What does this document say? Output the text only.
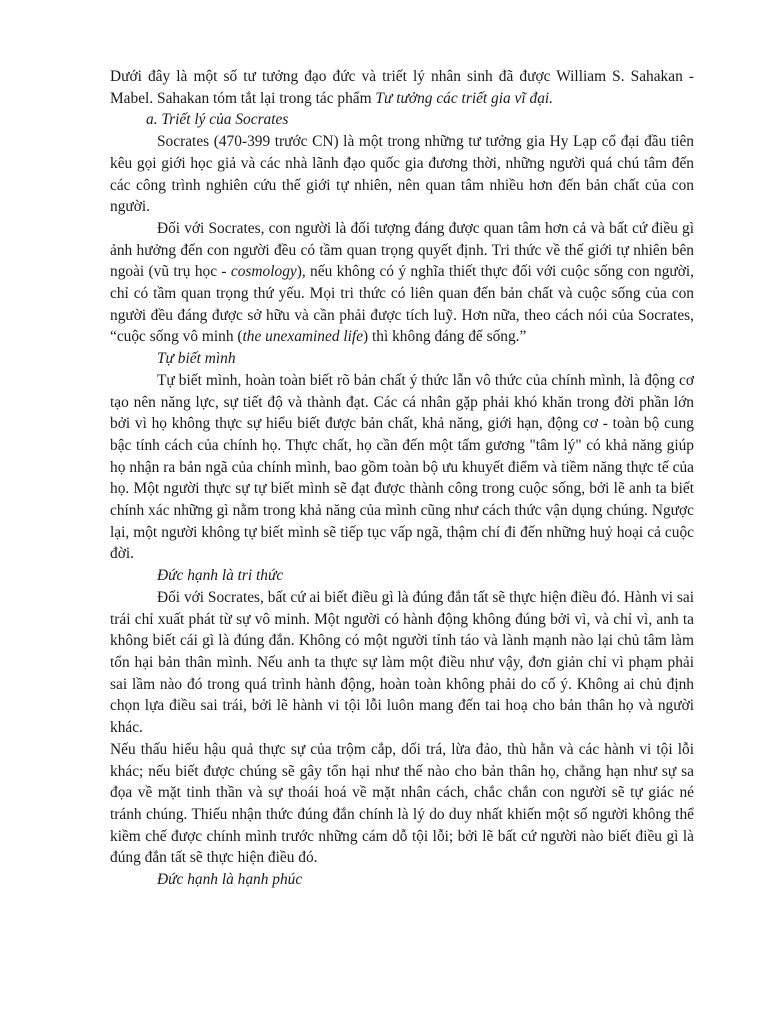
Dưới đây là một số tư tưởng đạo đức và triết lý nhân sinh đã được William S. Sahakan - Mabel. Sahakan tóm tắt lại trong tác phẩm Tư tưởng các triết gia vĩ đại.

a. Triết lý của Socrates

Socrates (470-399 trước CN) là một trong những tư tưởng gia Hy Lạp cổ đại đầu tiên kêu gọi giới học giả và các nhà lãnh đạo quốc gia đương thời, những người quá chú tâm đến các công trình nghiên cứu thế giới tự nhiên, nên quan tâm nhiều hơn đến bản chất của con người.

Đối với Socrates, con người là đối tượng đáng được quan tâm hơn cả và bất cứ điều gì ảnh hưởng đến con người đều có tầm quan trọng quyết định. Tri thức về thế giới tự nhiên bên ngoài (vũ trụ học - cosmology), nếu không có ý nghĩa thiết thực đối với cuộc sống con người, chỉ có tầm quan trọng thứ yếu. Mọi tri thức có liên quan đến bản chất và cuộc sống của con người đều đáng được sở hữu và cần phải được tích luỹ. Hơn nữa, theo cách nói của Socrates, “cuộc sống vô minh (the unexamined life) thì không đáng để sống.”

Tự biết mình

Tự biết mình, hoàn toàn biết rõ bản chất ý thức lẫn vô thức của chính mình, là động cơ tạo nên năng lực, sự tiết độ và thành đạt. Các cá nhân gặp phải khó khăn trong đời phần lớn bởi vì họ không thực sự hiểu biết được bản chất, khả năng, giới hạn, động cơ - toàn bộ cung bậc tính cách của chính họ. Thực chất, họ cần đến một tấm gương "tâm lý" có khả năng giúp họ nhận ra bản ngã của chính mình, bao gồm toàn bộ ưu khuyết điểm và tiềm năng thực tế của họ. Một người thực sự tự biết mình sẽ đạt được thành công trong cuộc sống, bởi lẽ anh ta biết chính xác những gì nằm trong khả năng của mình cũng như cách thức vận dụng chúng. Ngược lại, một người không tự biết mình sẽ tiếp tục vấp ngã, thậm chí đi đến những huỷ hoại cả cuộc đời.

Đức hạnh là tri thức

Đối với Socrates, bất cứ ai biết điều gì là đúng đắn tất sẽ thực hiện điều đó. Hành vi sai trái chỉ xuất phát từ sự vô minh. Một người có hành động không đúng bởi vì, và chỉ vì, anh ta không biết cái gì là đúng đắn. Không có một người tỉnh táo và lành mạnh nào lại chủ tâm làm tổn hại bản thân mình. Nếu anh ta thực sự làm một điều như vậy, đơn giản chỉ vì phạm phải sai lầm nào đó trong quá trình hành động, hoàn toàn không phải do cố ý. Không ai chủ định chọn lựa điều sai trái, bởi lẽ hành vi tội lỗi luôn mang đến tai hoạ cho bản thân họ và người khác.

Nếu thấu hiểu hậu quả thực sự của trộm cắp, dối trá, lừa đảo, thù hằn và các hành vi tội lỗi khác; nếu biết được chúng sẽ gây tổn hại như thế nào cho bản thân họ, chẳng hạn như sự sa đọa về mặt tinh thần và sự thoái hoá về mặt nhân cách, chắc chắn con người sẽ tự giác né tránh chúng. Thiếu nhận thức đúng đắn chính là lý do duy nhất khiến một số người không thể kiềm chế được chính mình trước những cám dỗ tội lỗi; bởi lẽ bất cứ người nào biết điều gì là đúng đắn tất sẽ thực hiện điều đó.

Đức hạnh là hạnh phúc
